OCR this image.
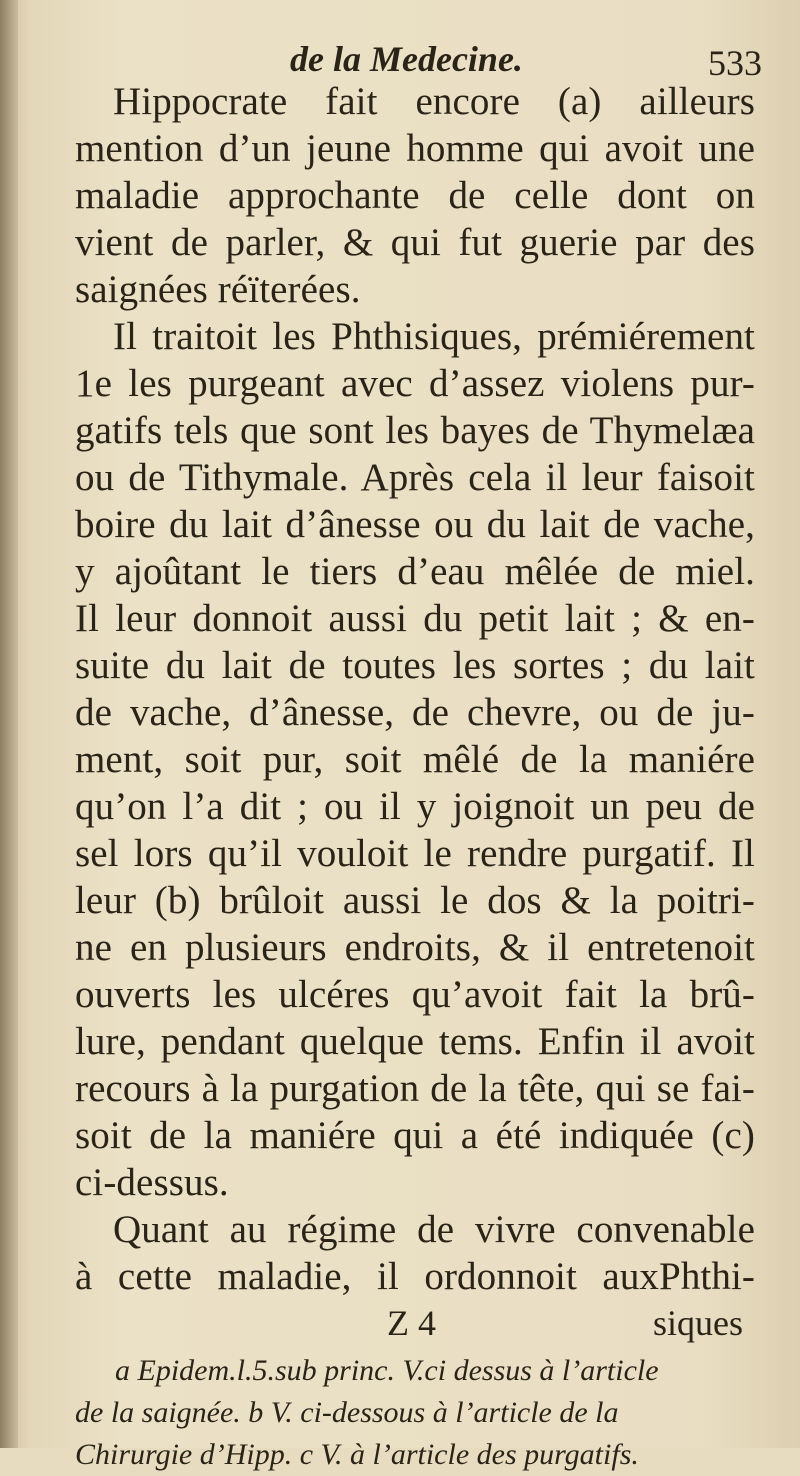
de la Medecine.	533
Hippocrate fait encore (a) ailleurs
mention d’un jeune homme qui avoit une
maladie approchante de celle dont on
vient de parler, & qui fut guerie par des
saignées réïterées.
Il traitoit les Phthisiques, prémiérement
1e les purgeant avec d’assez violens pur-
gatifs tels que sont les bayes de Thymelæa
ou de Tithymale. Après cela il leur faisoit
boire du lait d’ânesse ou du lait de vache,
y ajoûtant le tiers d’eau mêlée de miel.
Il leur donnoit aussi du petit lait ; & en-
suite du lait de toutes les sortes ; du lait
de vache, d’ânesse, de chevre, ou de ju-
ment, soit pur, soit mêlé de la maniére
qu’on l’a dit ; ou il y joignoit un peu de
sel lors qu’il vouloit le rendre purgatif. Il
leur (b) brûloit aussi le dos & la poitri-
ne en plusieurs endroits, & il entretenoit
ouverts les ulcéres qu’avoit fait la brû-
lure, pendant quelque tems. Enfin il avoit
recours à la purgation de la tête, qui se fai-
soit de la maniére qui a été indiquée (c)
ci-dessus.
Quant au régime de vivre convenable
à cette maladie, il ordonnoit auxPhthi-
Z 4	siques
a Epidem.l.5.sub princ. V.ci dessus à l’article
de la saignée. b V. ci-dessous à l’article de la
Chirurgie d’Hipp. c V. à l’article des purgatifs.
